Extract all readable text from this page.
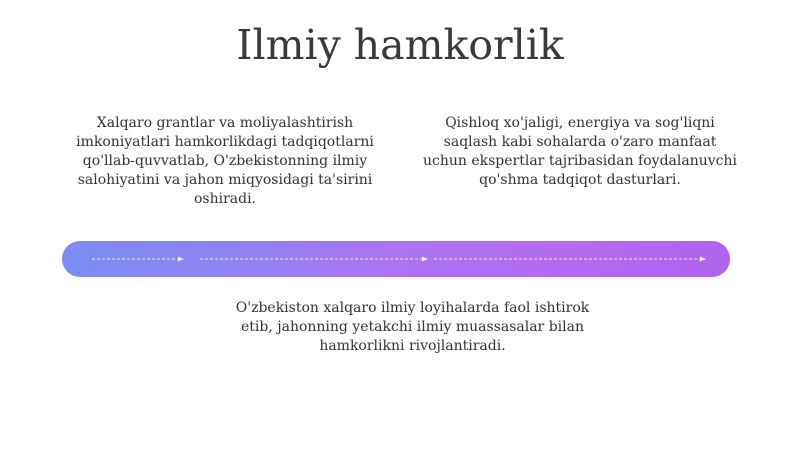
Ilmiy hamkorlik

Xalqaro grantlar va moliyalashtirish imkoniyatlari hamkorlikdagi tadqiqotlarni qo'llab-quvvatlab, O'zbekistonning ilmiy salohiyatini va jahon miqyosidagi ta'sirini oshiradi.

Qishloq xo'jaligi, energiya va sog'liqni saqlash kabi sohalarda o'zaro manfaat uchun ekspertlar tajribasidan foydalanuvchi qo'shma tadqiqot dasturlari.

O'zbekiston xalqaro ilmiy loyihalarda faol ishtirok etib, jahonning yetakchi ilmiy muassasalar bilan hamkorlikni rivojlantiradi.
